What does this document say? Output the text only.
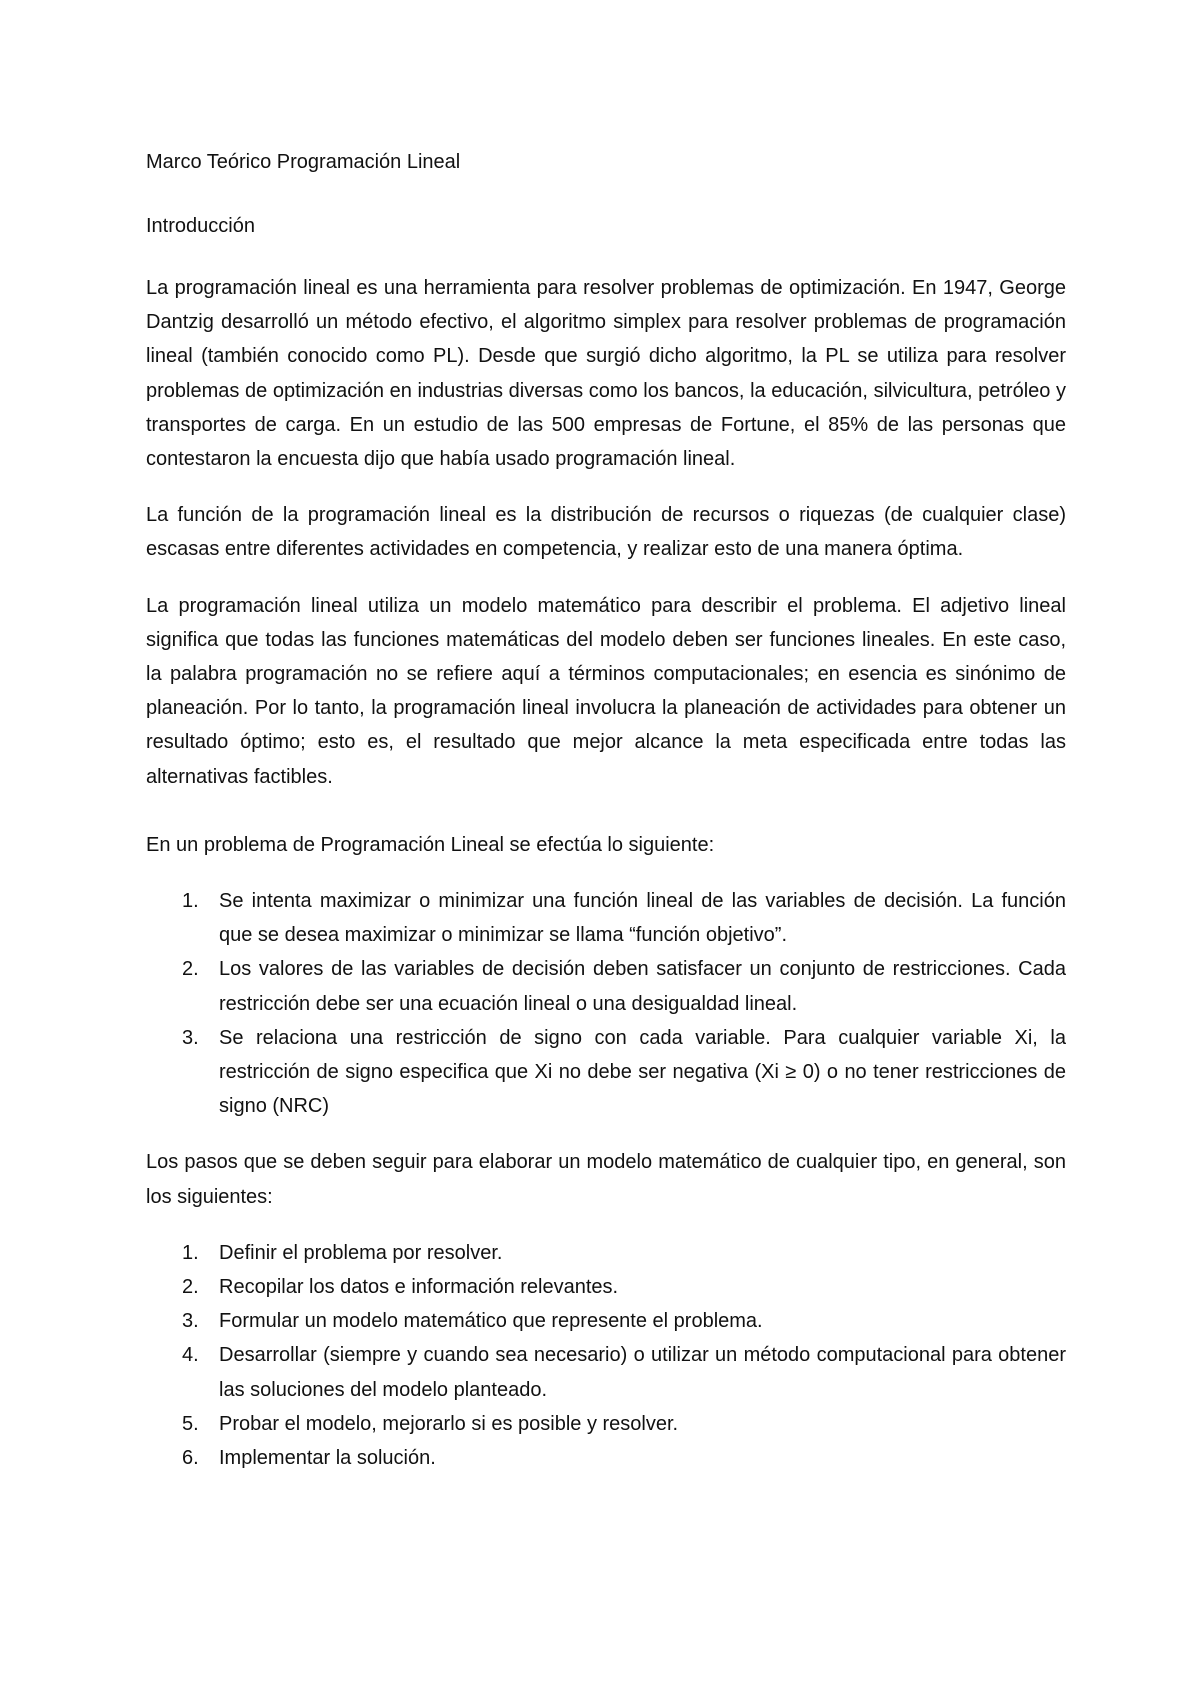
Marco Teórico Programación Lineal
Introducción

La programación lineal es una herramienta para resolver problemas de optimización. En 1947, George Dantzig desarrolló un método efectivo, el algoritmo simplex para resolver problemas de programación lineal (también conocido como PL). Desde que surgió dicho algoritmo, la PL se utiliza para resolver problemas de optimización en industrias diversas como los bancos, la educación, silvicultura, petróleo y transportes de carga. En un estudio de las 500 empresas de Fortune, el 85% de las personas que contestaron la encuesta dijo que había usado programación lineal.

La función de la programación lineal es la distribución de recursos o riquezas (de cualquier clase) escasas entre diferentes actividades en competencia, y realizar esto de una manera óptima.

La programación lineal utiliza un modelo matemático para describir el problema. El adjetivo lineal significa que todas las funciones matemáticas del modelo deben ser funciones lineales. En este caso, la palabra programación no se refiere aquí a términos computacionales; en esencia es sinónimo de planeación. Por lo tanto, la programación lineal involucra la planeación de actividades para obtener un resultado óptimo; esto es, el resultado que mejor alcance la meta especificada entre todas las alternativas factibles.

En un problema de Programación Lineal se efectúa lo siguiente:

1.	Se intenta maximizar o minimizar una función lineal de las variables de decisión. La función que se desea maximizar o minimizar se llama “función objetivo”.
2.	Los valores de las variables de decisión deben satisfacer un conjunto de restricciones. Cada restricción debe ser una ecuación lineal o una desigualdad lineal.
3.	Se relaciona una restricción de signo con cada variable. Para cualquier variable Xi, la restricción de signo especifica que Xi no debe ser negativa (Xi ≥ 0) o no tener restricciones de signo (NRC)

Los pasos que se deben seguir para elaborar un modelo matemático de cualquier tipo, en general, son los siguientes:

1.	Definir el problema por resolver.
2.	Recopilar los datos e información relevantes.
3.	Formular un modelo matemático que represente el problema.
4.	Desarrollar (siempre y cuando sea necesario) o utilizar un método computacional para obtener las soluciones del modelo planteado.
5.	Probar el modelo, mejorarlo si es posible y resolver.
6.	Implementar la solución.
